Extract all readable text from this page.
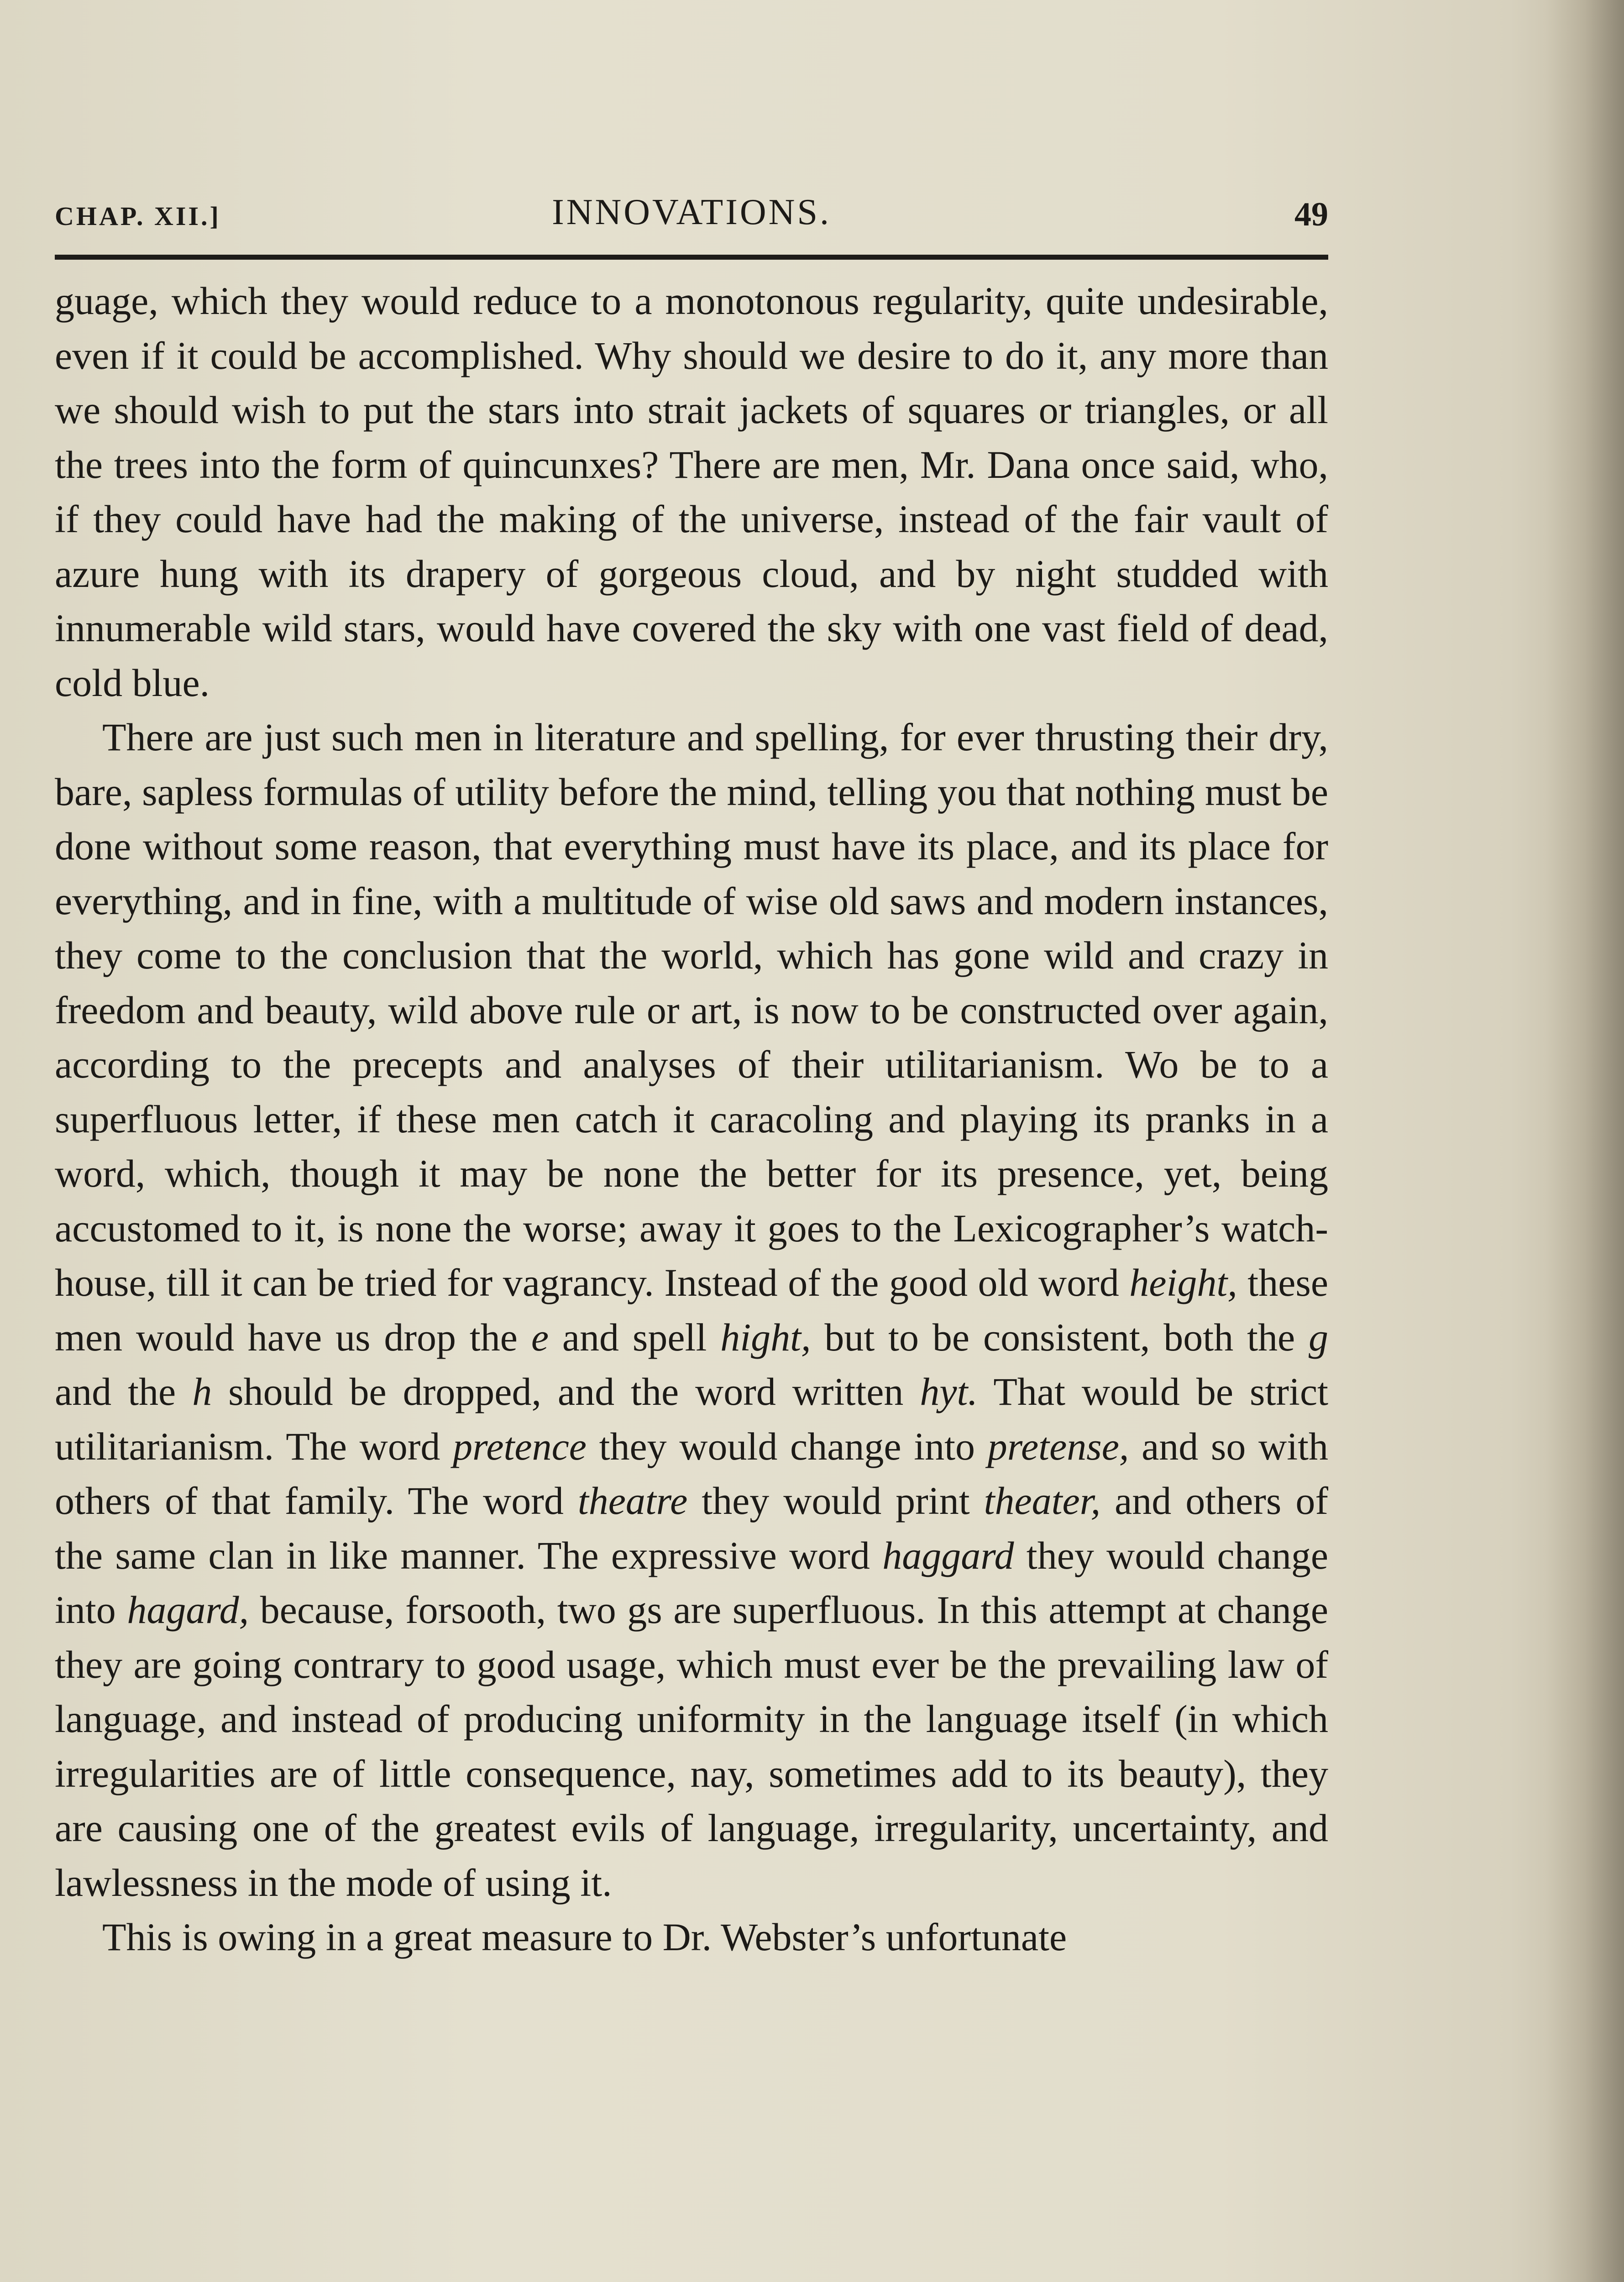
CHAP. XII.]	INNOVATIONS.	49

guage, which they would reduce to a monotonous regularity, quite undesirable, even if it could be accomplished. Why should we desire to do it, any more than we should wish to put the stars into strait jackets of squares or triangles, or all the trees into the form of quincunxes? There are men, Mr. Dana once said, who, if they could have had the making of the universe, instead of the fair vault of azure hung with its drapery of gorgeous cloud, and by night studded with innumerable wild stars, would have covered the sky with one vast field of dead, cold blue.

There are just such men in literature and spelling, for ever thrusting their dry, bare, sapless formulas of utility before the mind, telling you that nothing must be done without some reason, that everything must have its place, and its place for everything, and in fine, with a multitude of wise old saws and modern instances, they come to the conclusion that the world, which has gone wild and crazy in freedom and beauty, wild above rule or art, is now to be constructed over again, according to the precepts and analyses of their utilitarianism. Wo be to a superfluous letter, if these men catch it caracoling and playing its pranks in a word, which, though it may be none the better for its presence, yet, being accustomed to it, is none the worse; away it goes to the Lexicographer’s watch-house, till it can be tried for vagrancy. Instead of the good old word height, these men would have us drop the e and spell hight, but to be consistent, both the g and the h should be dropped, and the word written hyt. That would be strict utilitarianism. The word pretence they would change into pretense, and so with others of that family. The word theatre they would print theater, and others of the same clan in like manner. The expressive word haggard they would change into hagard, because, forsooth, two gs are superfluous. In this attempt at change they are going contrary to good usage, which must ever be the prevailing law of language, and instead of producing uniformity in the language itself (in which irregularities are of little consequence, nay, sometimes add to its beauty), they are causing one of the greatest evils of language, irregularity, uncertainty, and lawlessness in the mode of using it.

This is owing in a great measure to Dr. Webster’s unfortunate
